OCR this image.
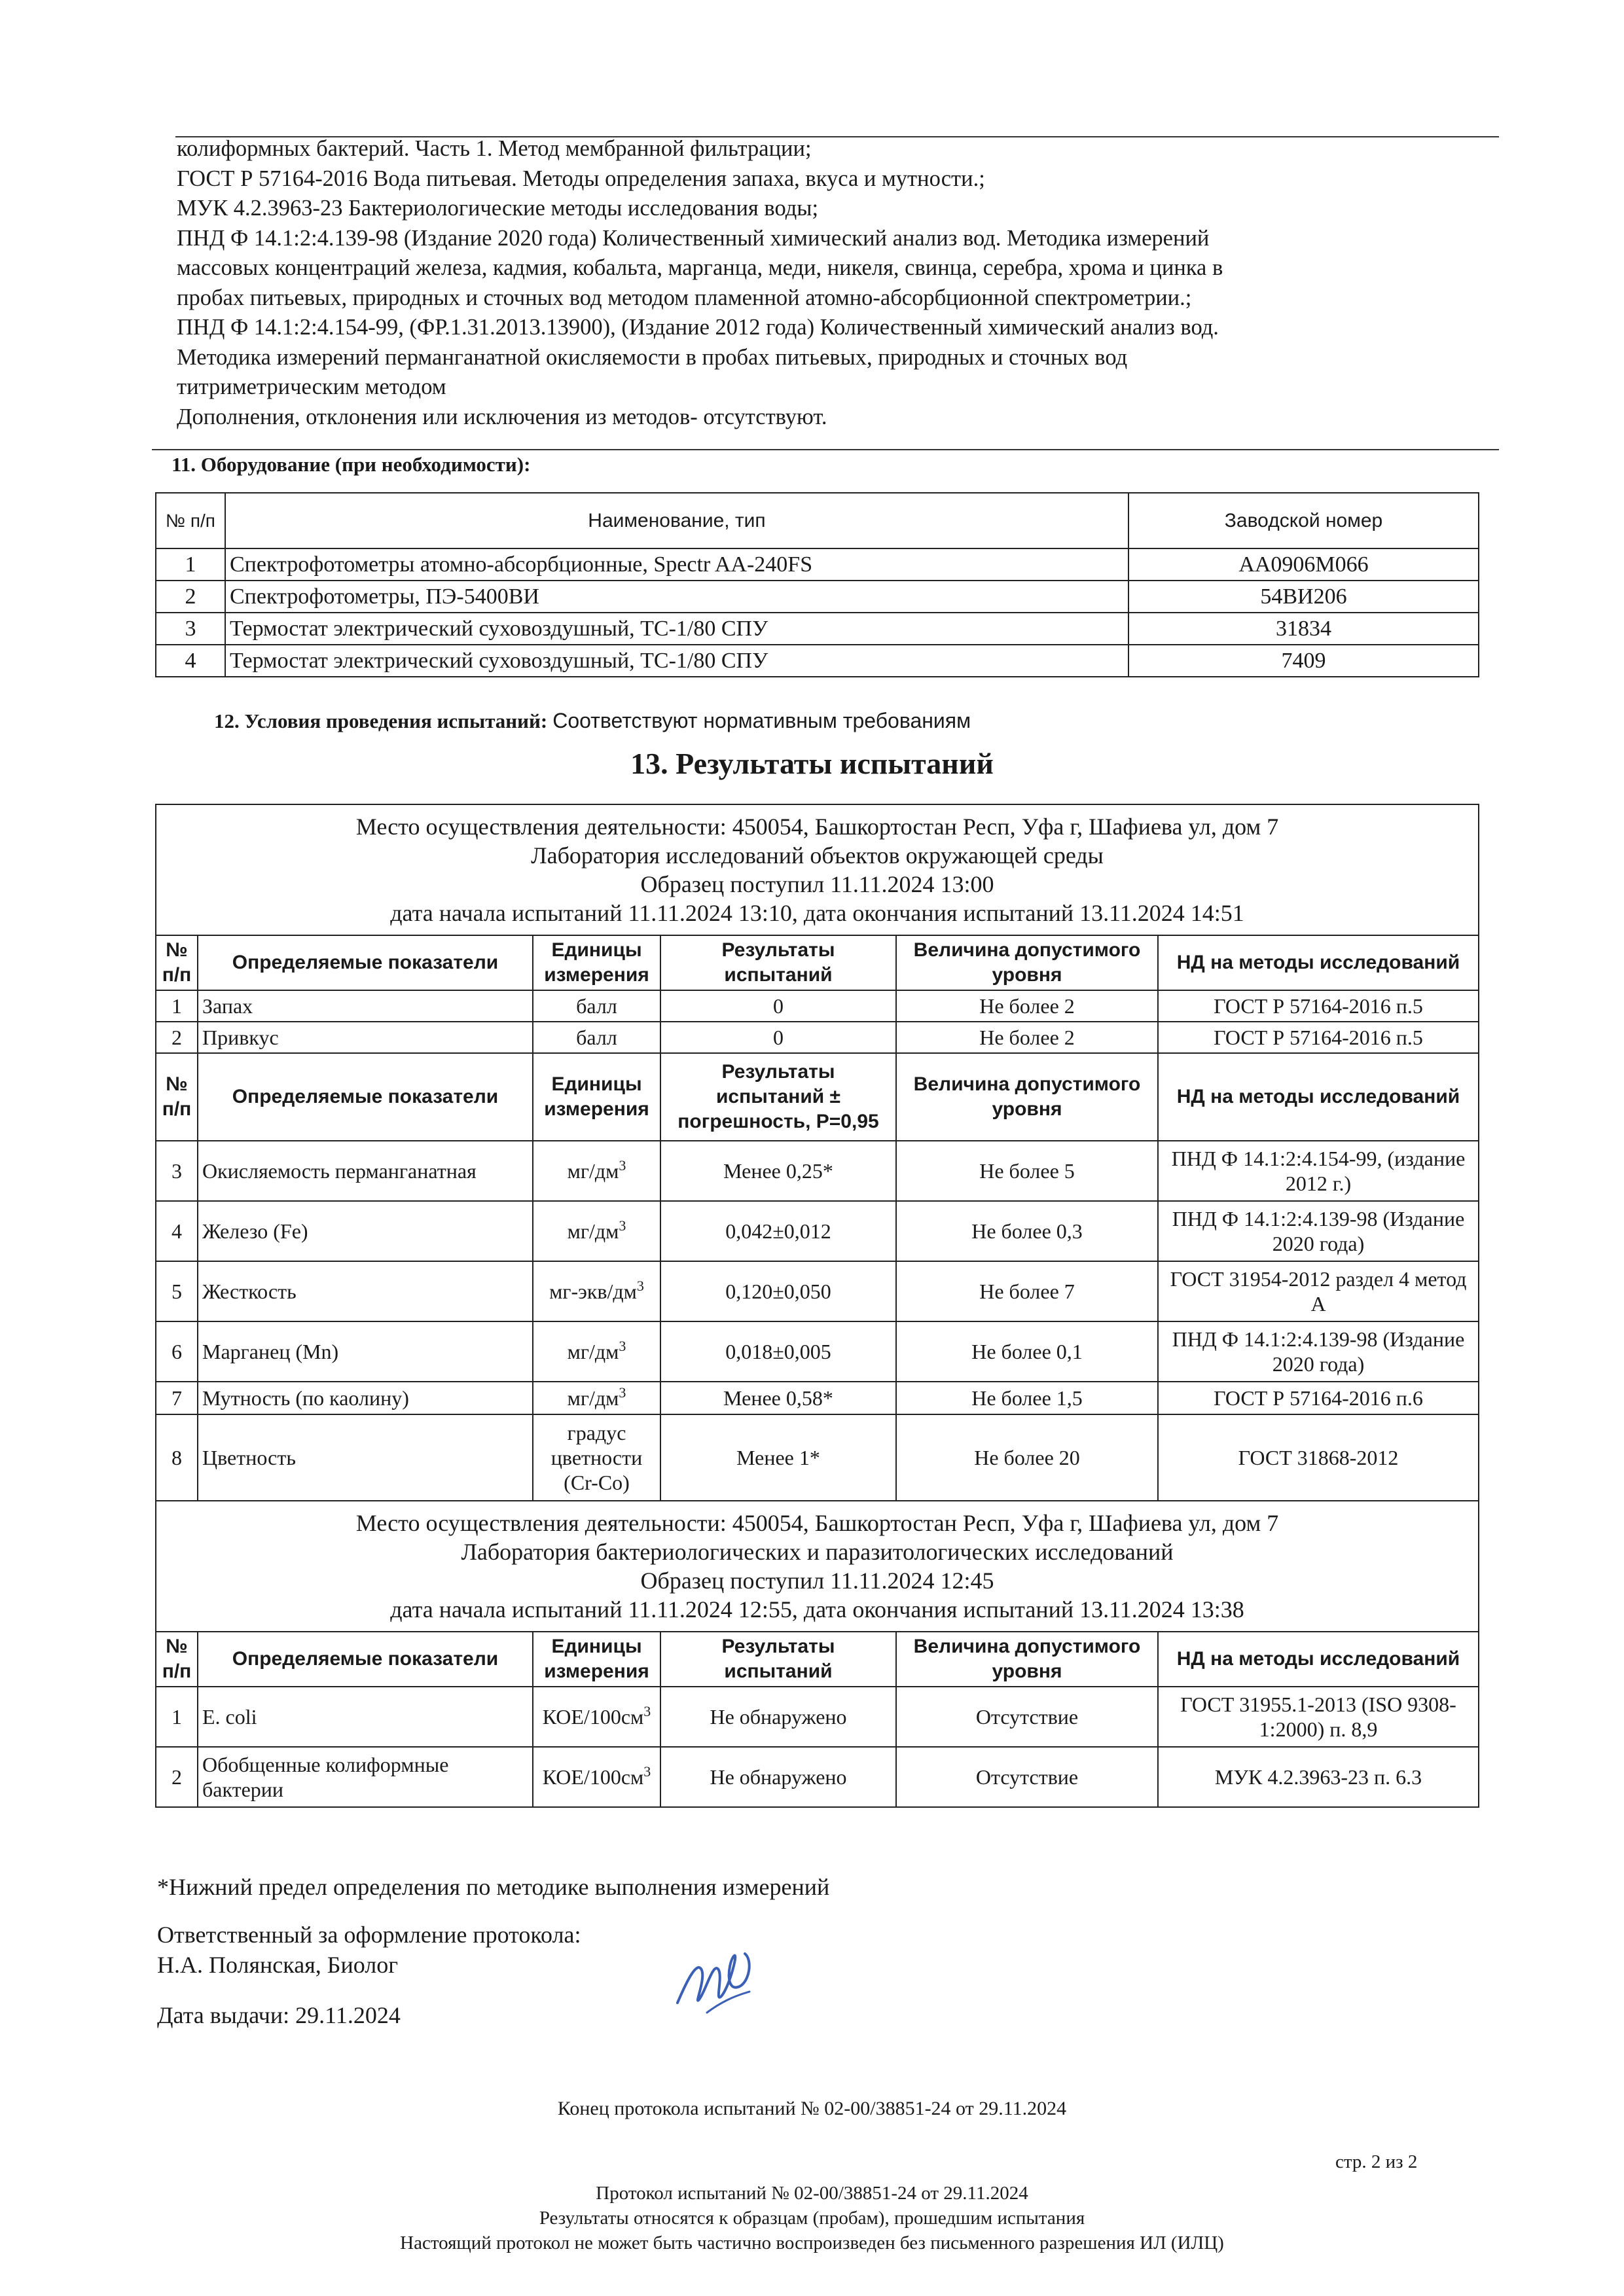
колиформных бактерий. Часть 1. Метод мембранной фильтрации;
ГОСТ Р 57164-2016 Вода питьевая. Методы определения запаха, вкуса и мутности.;
МУК 4.2.3963-23 Бактериологические методы исследования воды;
ПНД Ф 14.1:2:4.139-98 (Издание 2020 года) Количественный химический анализ вод. Методика измерений
массовых концентраций железа, кадмия, кобальта, марганца, меди, никеля, свинца, серебра, хрома и цинка в
пробах питьевых, природных и сточных вод методом пламенной атомно-абсорбционной спектрометрии.;
ПНД Ф 14.1:2:4.154-99, (ФР.1.31.2013.13900), (Издание 2012 года) Количественный химический анализ вод.
Методика измерений перманганатной окисляемости в пробах питьевых, природных и сточных вод
титриметрическим методом
Дополнения, отклонения или исключения из методов- отсутствуют.
11. Оборудование (при необходимости):
№ п/п	Наименование, тип	Заводской номер
1	Спектрофотометры атомно-абсорбционные, Spectr AA-240FS	АА0906М066
2	Спектрофотометры, ПЭ-5400ВИ	54ВИ206
3	Термостат электрический суховоздушный, ТС-1/80 СПУ	31834
4	Термостат электрический суховоздушный, ТС-1/80 СПУ	7409
12. Условия проведения испытаний: Соответствуют нормативным требованиям
13. Результаты испытаний
Место осуществления деятельности: 450054, Башкортостан Респ, Уфа г, Шафиева ул, дом 7
Лаборатория исследований объектов окружающей среды
Образец поступил 11.11.2024 13:00
дата начала испытаний 11.11.2024 13:10, дата окончания испытаний 13.11.2024 14:51					

№ п/п	Определяемые показатели	Единицы измерения	Результаты испытаний	Величина допустимого уровня	НД на методы исследований
1	Запах	балл	0	Не более 2	ГОСТ Р 57164-2016 п.5
2	Привкус	балл	0	Не более 2	ГОСТ Р 57164-2016 п.5
№ п/п	Определяемые показатели	Единицы измерения	Результаты испытаний ± погрешность, Р=0,95	Величина допустимого уровня	НД на методы исследований
3	Окисляемость перманганатная	$мг/дм^3$	Менее 0,25*	Не более 5	ПНД Ф 14.1:2:4.154-99, (издание 2012 г.)
4	Железо (Fe)	$мг/дм^3$	0,042±0,012	Не более 0,3	ПНД Ф 14.1:2:4.139-98 (Издание 2020 года)
5	Жесткость	$мг-экв/дм^3$	0,120±0,050	Не более 7	ГОСТ 31954-2012 раздел 4 метод А
6	Марганец (Mn)	$мг/дм^3$	0,018±0,005	Не более 0,1	ПНД Ф 14.1:2:4.139-98 (Издание 2020 года)
7	Мутность (по каолину)	$мг/дм^3$	Менее 0,58*	Не более 1,5	ГОСТ Р 57164-2016 п.6
8	Цветность	градус цветности (Cr-Co)	Менее 1*	Не более 20	ГОСТ 31868-2012

Место осуществления деятельности: 450054, Башкортостан Респ, Уфа г, Шафиева ул, дом 7
Лаборатория бактериологических и паразитологических исследований
Образец поступил 11.11.2024 12:45
дата начала испытаний 11.11.2024 12:55, дата окончания испытаний 13.11.2024 13:38					

№ п/п	Определяемые показатели	Единицы измерения	Результаты испытаний	Величина допустимого уровня	НД на методы исследований
1	E. coli	КОЕ/$100см^3$	Не обнаружено	Отсутствие	ГОСТ 31955.1-2013 (ISO 9308-1:2000) п. 8,9
2	Обобщенные колиформные бактерии	КОЕ/$100см^3$	Не обнаружено	Отсутствие	МУК 4.2.3963-23 п. 6.3
*Нижний предел определения по методике выполнения измерений
Ответственный за оформление протокола:
Н.А. Полянская, Биолог
Дата выдачи: 29.11.2024
Конец протокола испытаний № 02-00/38851-24 от 29.11.2024
стр. 2 из 2
Протокол испытаний № 02-00/38851-24 от 29.11.2024
Результаты относятся к образцам (пробам), прошедшим испытания
Настоящий протокол не может быть частично воспроизведен без письменного разрешения ИЛ (ИЛЦ)
